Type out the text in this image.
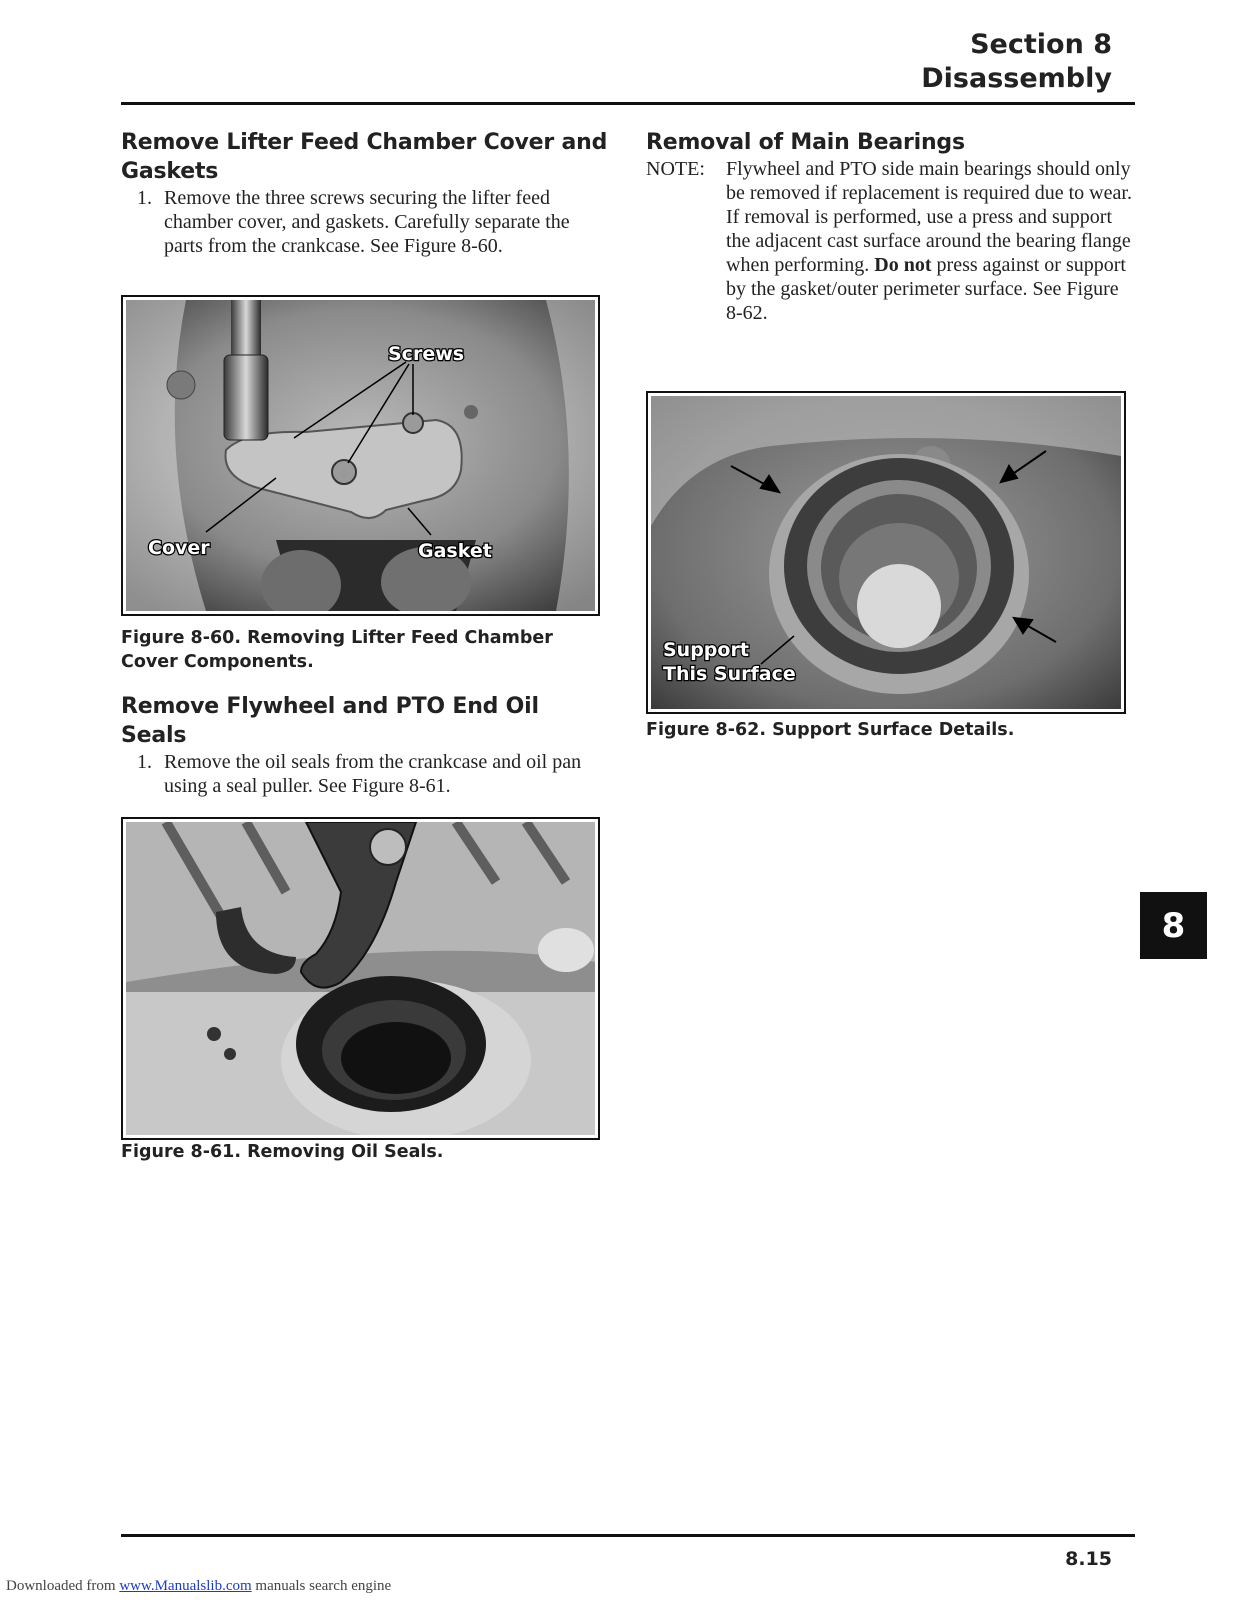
Section 8
Disassembly
Remove Lifter Feed Chamber Cover and Gaskets
1. Remove the three screws securing the lifter feed chamber cover, and gaskets. Carefully separate the parts from the crankcase. See Figure 8-60.
Screws
Cover	Gasket
Figure 8-60. Removing Lifter Feed Chamber Cover Components.
Remove Flywheel and PTO End Oil Seals
1. Remove the oil seals from the crankcase and oil pan using a seal puller. See Figure 8-61.
Figure 8-61. Removing Oil Seals.
Removal of Main Bearings
NOTE:	Flywheel and PTO side main bearings should only be removed if replacement is required due to wear. If removal is performed, use a press and support the adjacent cast surface around the bearing flange when performing. Do not press against or support by the gasket/outer perimeter surface. See Figure 8-62.
Support
This Surface
Figure 8-62. Support Surface Details.
8
8.15
Downloaded from www.Manualslib.com manuals search engine
